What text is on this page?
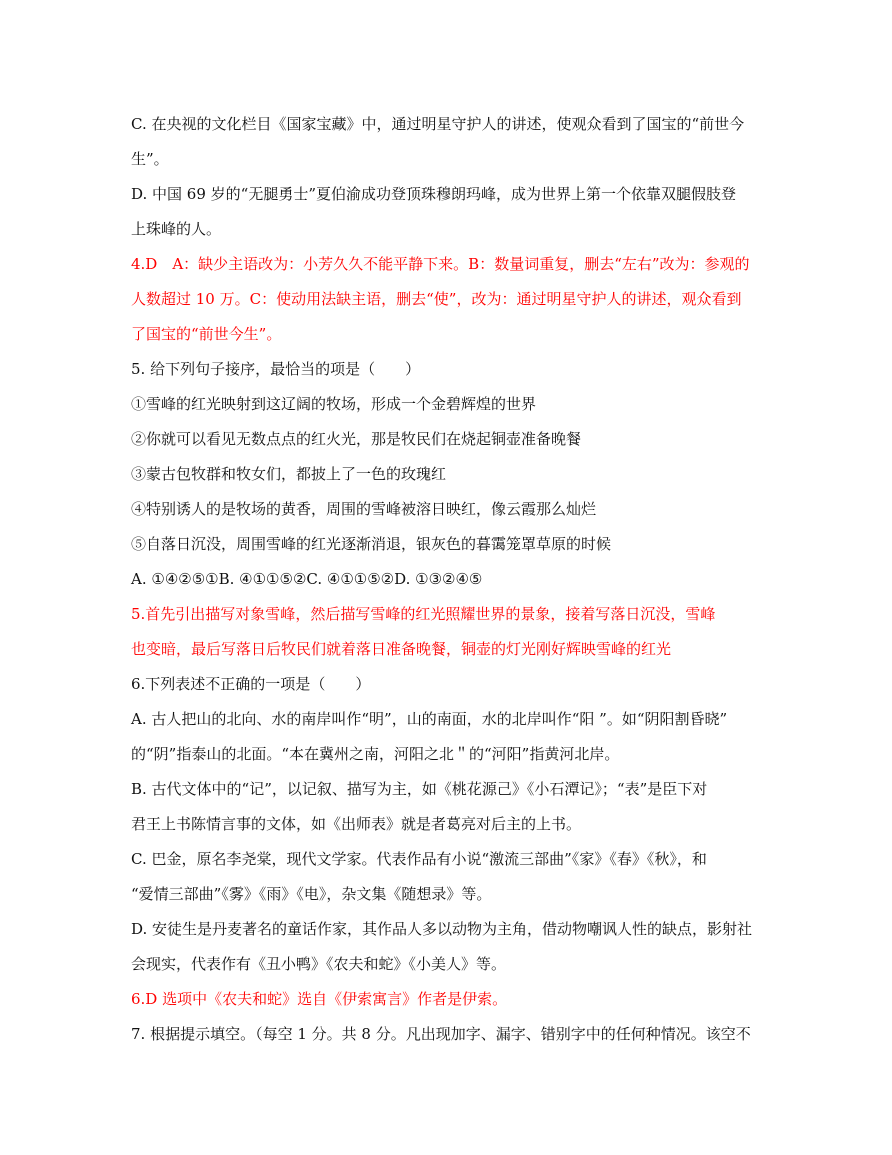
C. 在央视的文化栏目《国家宝藏》中，通过明星守护人的讲述，使观众看到了国宝的“前世今
生”。
D. 中国 69 岁的“无腿勇士”夏伯渝成功登顶珠穆朗玛峰，成为世界上第一个依靠双腿假肢登
上珠峰的人。
4.D　A：缺少主语改为：小芳久久不能平静下来。B：数量词重复，删去“左右”改为：参观的
人数超过 10 万。C：使动用法缺主语，删去“使”，改为：通过明星守护人的讲述，观众看到
了国宝的“前世今生”。
5. 给下列句子接序，最恰当的项是（　　）
①雪峰的红光映射到这辽阔的牧场，形成一个金碧辉煌的世界
②你就可以看见无数点点的红火光，那是牧民们在烧起铜壶准备晚餐
③蒙古包牧群和牧女们，都披上了一色的玫瑰红
④特别诱人的是牧场的黄香，周围的雪峰被溶日映红，像云霞那么灿烂
⑤自落日沉没，周围雪峰的红光逐渐消退，银灰色的暮霭笼罩草原的时候
A. ①④②⑤①B. ④①①⑤②C. ④①①⑤②D. ①③②④⑤
5.首先引出描写对象雪峰，然后描写雪峰的红光照耀世界的景象，接着写落日沉没，雪峰
也变暗，最后写落日后牧民们就着落日准备晚餐，铜壶的灯光刚好辉映雪峰的红光
6.下列表述不正确的一项是（　　）
A. 古人把山的北向、水的南岸叫作“明”，山的南面，水的北岸叫作“阳 ”。如“阴阳割昏晓”
的“阴”指泰山的北面。“本在冀州之南，河阳之北＂的“河阳”指黄河北岸。
B. 古代文体中的“记”，以记叙、描写为主，如《桃花源己》《小石潭记》；“表”是臣下对
君王上书陈情言事的文体，如《出师表》就是者葛亮对后主的上书。
C. 巴金，原名李尧棠，现代文学家。代表作品有小说“激流三部曲”《家》《春》《秋》，和
“爱情三部曲”《雾》《雨》《电》，杂文集《随想录》等。
D. 安徒生是丹麦著名的童话作家，其作品人多以动物为主角，借动物嘲讽人性的缺点，影射社
会现实，代表作有《丑小鸭》《农夫和蛇》《小美人》等。
6.D 选项中《农夫和蛇》选自《伊索寓言》作者是伊索。
7. 根据提示填空。（每空 1 分。共 8 分。凡出现加字、漏字、错别字中的任何种情况。该空不
